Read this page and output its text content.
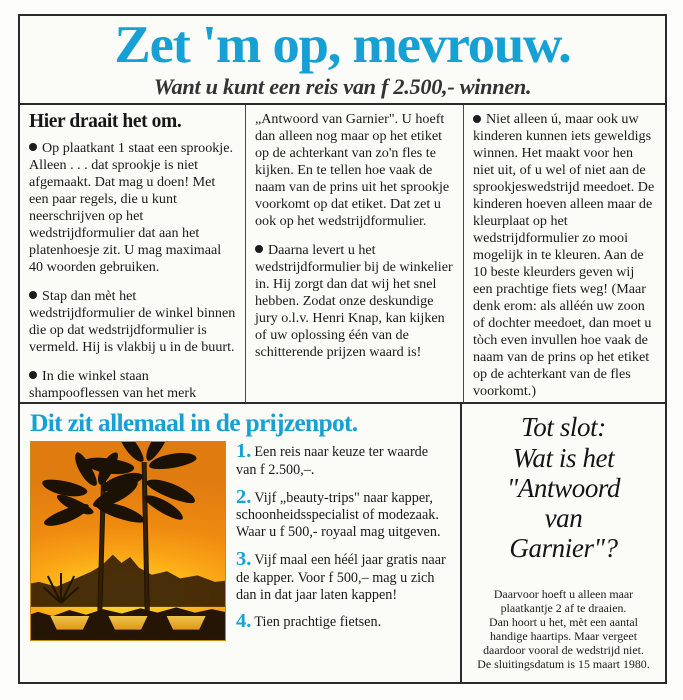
Zet 'm op, mevrouw.
Want u kunt een reis van f 2.500,- winnen.
Hier draait het om.

Op plaatkant 1 staat een sprookje. Alleen . . . dat sprookje is niet afgemaakt. Dat mag u doen! Met een paar regels, die u kunt neerschrijven op het wedstrijdformulier dat aan het platenhoesje zit. U mag maximaal 40 woorden gebruiken.

Stap dan mèt het wedstrijdformulier de winkel binnen die op dat wedstrijdformulier is vermeld. Hij is vlakbij u in de buurt.

In die winkel staan shampooflessen van het merk

„Antwoord van Garnier". U hoeft dan alleen nog maar op het etiket op de achterkant van zo'n fles te kijken. En te tellen hoe vaak de naam van de prins uit het sprookje voorkomt op dat etiket. Dat zet u ook op het wedstrijdformulier.

Daarna levert u het wedstrijdformulier bij de winkelier in. Hij zorgt dan dat wij het snel hebben. Zodat onze deskundige jury o.l.v. Henri Knap, kan kijken of uw oplossing één van de schitterende prijzen waard is!

Niet alleen ú, maar ook uw kinderen kunnen iets geweldigs winnen. Het maakt voor hen niet uit, of u wel of niet aan de sprookjeswedstrijd meedoet. De kinderen hoeven alleen maar de kleurplaat op het wedstrijdformulier zo mooi mogelijk in te kleuren. Aan de 10 beste kleurders geven wij een prachtige fiets weg! (Maar denk erom: als alléén uw zoon of dochter meedoet, dan moet u tòch even invullen hoe vaak de naam van de prins op het etiket op de achterkant van de fles voorkomt.)

Dit zit allemaal in de prijzenpot.

1. Een reis naar keuze ter waarde van f 2.500,–.

2. Vijf „beauty-trips" naar kapper, schoonheidsspecialist of modezaak. Waar u f 500,- royaal mag uitgeven.

3. Vijf maal een héél jaar gratis naar de kapper. Voor f 500,– mag u zich dan in dat jaar laten kappen!

4. Tien prachtige fietsen.

Tot slot:
Wat is het
"Antwoord
van
Garnier"?
Daarvoor hoeft u alleen maar
plaatkantje 2 af te draaien.
Dan hoort u het, mèt een aantal
handige haartips. Maar vergeet
daardoor vooral de wedstrijd niet.
De sluitingsdatum is 15 maart 1980.
